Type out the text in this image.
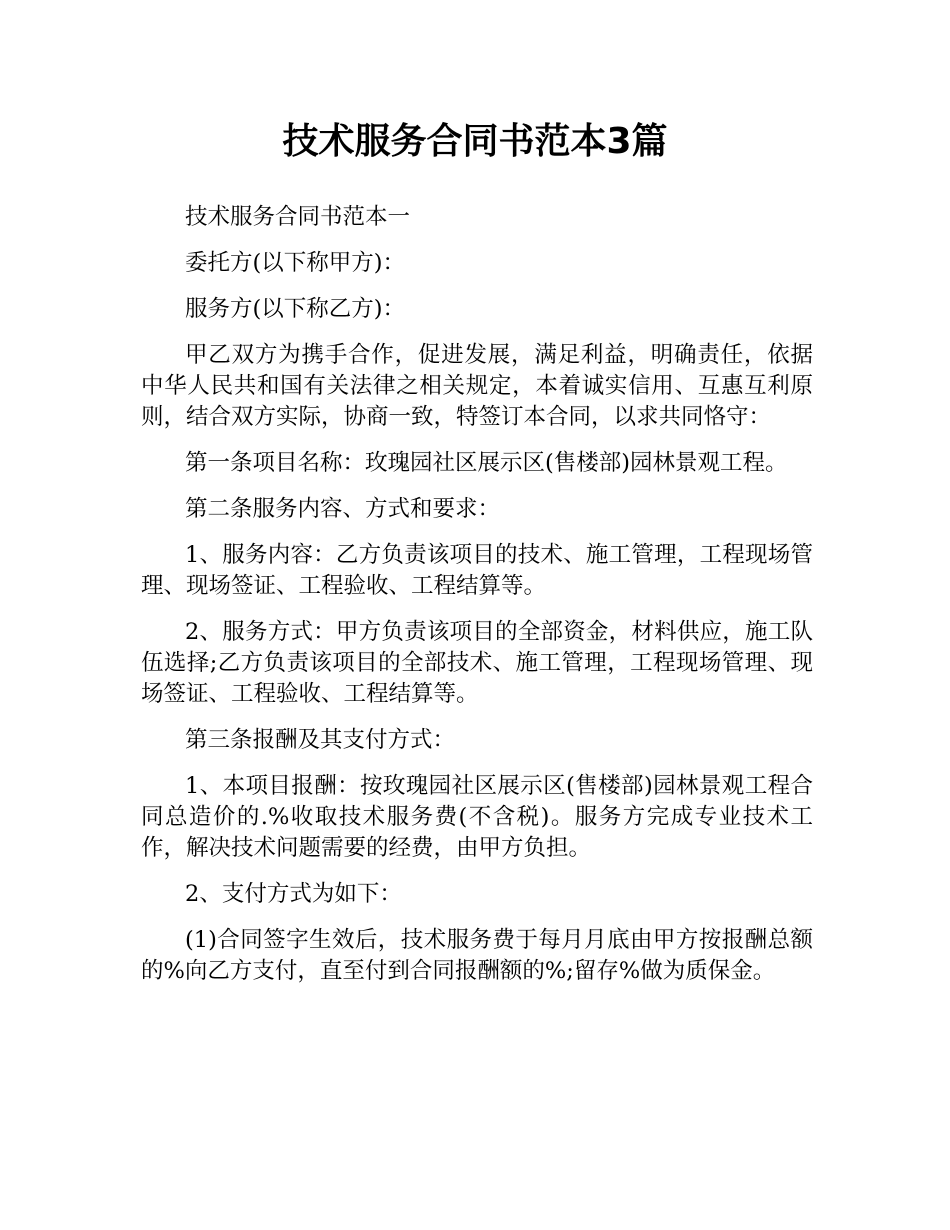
技术服务合同书范本3篇

技术服务合同书范本一

委托方(以下称甲方)：

服务方(以下称乙方)：

甲乙双方为携手合作，促进发展，满足利益，明确责任，依据中华人民共和国有关法律之相关规定，本着诚实信用、互惠互利原则，结合双方实际，协商一致，特签订本合同，以求共同恪守：

第一条项目名称：玫瑰园社区展示区(售楼部)园林景观工程。

第二条服务内容、方式和要求：

1、服务内容：乙方负责该项目的技术、施工管理，工程现场管理、现场签证、工程验收、工程结算等。

2、服务方式：甲方负责该项目的全部资金，材料供应，施工队伍选择;乙方负责该项目的全部技术、施工管理，工程现场管理、现场签证、工程验收、工程结算等。

第三条报酬及其支付方式：

1、本项目报酬：按玫瑰园社区展示区(售楼部)园林景观工程合同总造价的.%收取技术服务费(不含税)。服务方完成专业技术工作，解决技术问题需要的经费，由甲方负担。

2、支付方式为如下：

(1)合同签字生效后，技术服务费于每月月底由甲方按报酬总额的%向乙方支付，直至付到合同报酬额的%;留存%做为质保金。
